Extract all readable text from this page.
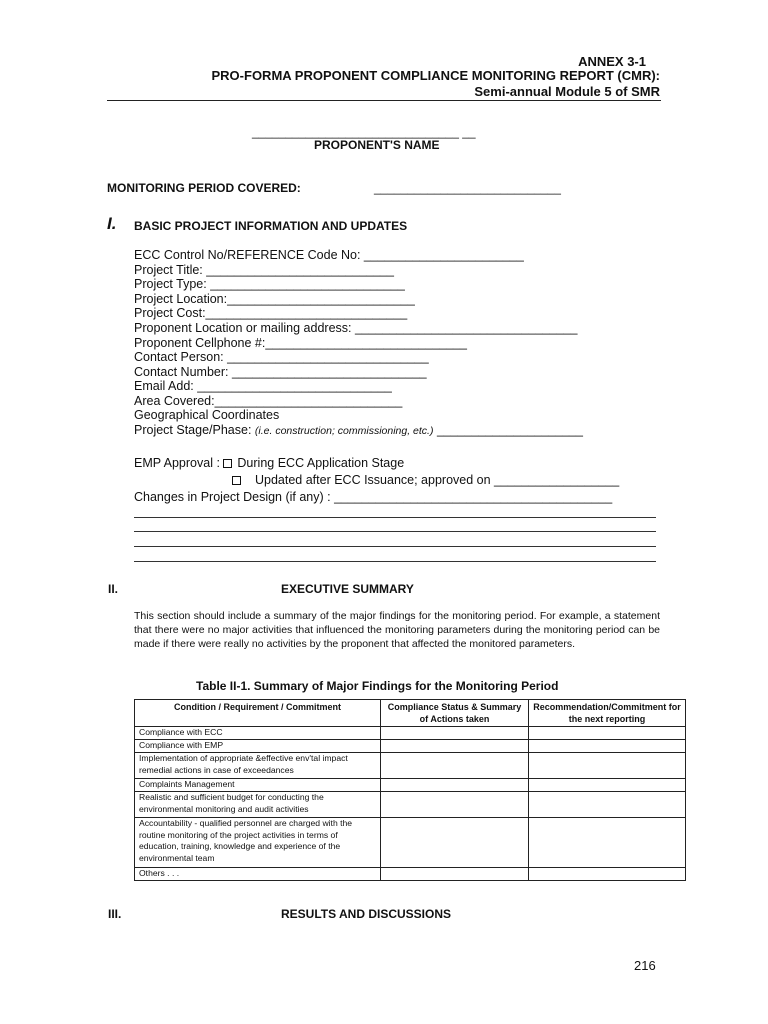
ANNEX 3-1
PRO-FORMA PROPONENT COMPLIANCE MONITORING REPORT (CMR):
Semi-annual Module 5 of SMR
_______________________________ __
PROPONENT'S NAME
MONITORING PERIOD COVERED:	____________________________
I. BASIC PROJECT INFORMATION AND UPDATES
ECC Control No/REFERENCE Code No: _______________________
Project Title: ___________________________
Project Type: ____________________________
Project Location:___________________________
Project Cost:_____________________________
Proponent Location or mailing address: ________________________________
Proponent Cellphone #:_____________________________
Contact Person: _____________________________
Contact Number: ____________________________
Email Add: ____________________________
Area Covered:___________________________
Geographical Coordinates
Project Stage/Phase: (i.e. construction; commissioning, etc.) _____________________
EMP Approval : During ECC Application Stage
Updated after ECC Issuance; approved on __________________
Changes in Project Design (if any) : ________________________________________
II.	EXECUTIVE SUMMARY
This section should include a summary of the major findings for the monitoring period. For example, a statement that there were no major activities that influenced the monitoring parameters during the monitoring period can be made if there were really no activities by the proponent that affected the monitored parameters.
Table II-1. Summary of Major Findings for the Monitoring Period
Condition / Requirement / Commitment	Compliance Status & Summary of Actions taken	Recommendation/Commitment for the next reporting
Compliance with ECC		
Compliance with EMP		
Implementation of appropriate &effective env'tal impact remedial actions in case of exceedances		
Complaints Management		
Realistic and sufficient budget for conducting the environmental monitoring and audit activities		
Accountability - qualified personnel are charged with the routine monitoring of the project activities in terms of education, training, knowledge and experience of the environmental team		
Others . . .		
III.	RESULTS AND DISCUSSIONS
216
